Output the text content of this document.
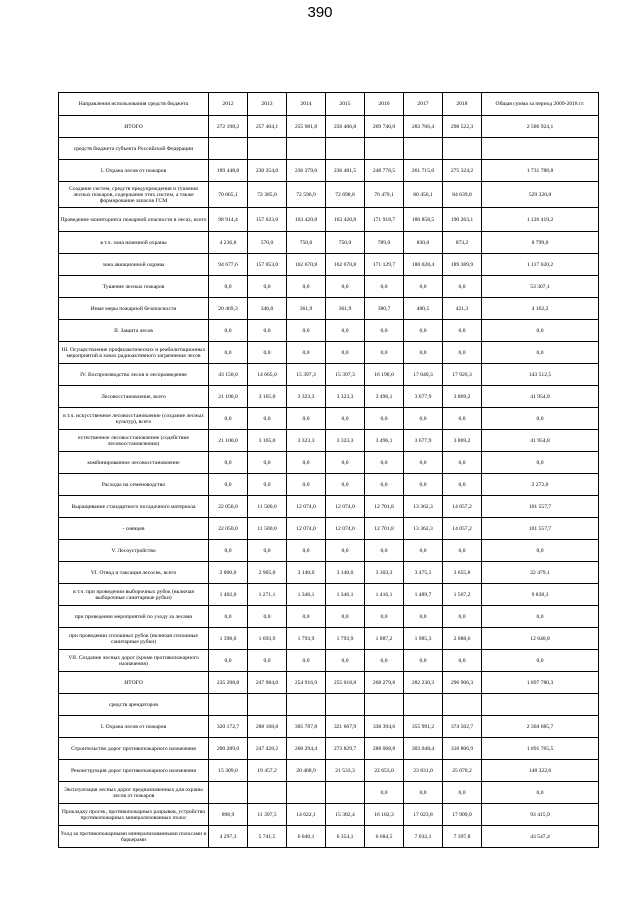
390
Направления использования средств бюджета	2012	2013	2014	2015	2016	2017	2018	Общая сумма за период 2009-2018 гг.
ИТОГО	272 198,2	257 404,1	255 981,8	256 406,8	269 740,0	283 766,4	298 522,3	2 586 924,1
средств бюджета субъекта Российской Федерации								
I. Охрана лесов от пожаров	189 448,8	230 354,0	236 379,6	236 481,5	248 778,5	261 715,0	275 324,2	1 731 788,8
Создание систем, средств предупреждения и тушения лесных пожаров, содержание этих систем, а также формирование запасов ГСМ	70 065,1	72 385,0	72 596,9	72 698,8	76 479,1	80 456,1	84 639,8	529 320,8
Проведение мониторинга пожарной опасности в лесах, всего	98 914,4	157 623,0	163 420,8	163 420,8	171 918,7	180 858,5	190 263,1	1 126 419,2
в т.ч. зона наземной охраны	4 236,8	570,0	750,0	750,0	789,0	830,0	873,2	8 799,0
зона авиационной охраны	94 677,6	157 053,0	162 670,8	162 670,8	171 129,7	180 028,4	189 389,9	1 117 620,2
Тушение лесных пожаров	0,0	0,0	0,0	0,0	0,0	0,0	0,0	53 307,1
Иные меры пожарной безопасности	20 469,3	346,0	361,9	361,9	380,7	400,5	421,3	4 162,2
II. Защита лесов	0,0	0,0	0,0	0,0	0,0	0,0	0,0	0,0
III. Осуществление профилактических и реабилитационных мероприятий в зонах радиоактивного загрязнения лесов	0,0	0,0	0,0	0,0	0,0	0,0	0,0	0,0
IV. Воспроизводство лесов и лесоразведение	43 150,0	14 665,0	15 397,3	15 397,3	16 198,0	17 040,3	17 926,3	143 512,5
Лесовосстановление, всего	21 100,0	3 165,0	3 323,3	3 323,3	3 496,1	3 677,9	3 869,2	41 954,8
в т.ч. искусственное лесовосстановление (создание лесных культур), всего	0,0	0,0	0,0	0,0	0,0	0,0	0,0	0,0
естественное лесовосстановление (содействие лесовосстановлению)	21 100,0	3 165,0	3 323,3	3 323,3	3 496,1	3 677,9	3 869,2	41 954,8
комбинированное лесовосстановление	0,0	0,0	0,0	0,0	0,0	0,0	0,0	0,0
Расходы на семеноводство	0,0	0,0	0,0	0,0	0,0	0,0	0,0	2 272,0
Выращивание стандартного посадочного материала	22 050,0	11 500,0	12 074,0	12 074,0	12 701,8	13 362,3	14 057,2	101 557,7
- сеянцев	22 050,0	11 500,0	12 074,0	12 074,0	12 701,8	13 362,3	14 057,2	101 557,7
V. Лесоустройство	0,0	0,0	0,0	0,0	0,0	0,0	0,0	0,0
VI. Отвод и таксация лесосек, всего	2 800,0	2 965,0	3 140,0	3 140,0	3 303,3	3 475,1	3 655,8	22 479,1
в т.ч. при проведении выборочных рубок (включая выборочные санитарные рубки)	1 402,0	1 271,1	1 346,1	1 346,1	1 416,1	1 489,7	1 567,2	9 838,3
при проведении мероприятий по уходу за лесами	0,0	0,0	0,0	0,0	0,0	0,0	0,0	0,0
при проведении сплошных рубок (включая сплошные санитарные рубки)	1 398,0	1 693,9	1 793,9	1 793,9	1 887,2	1 985,3	2 088,6	12 640,8
VII. Создание лесных дорог (кроме противопожарного назначения)	0,0	0,0	0,0	0,0	0,0	0,0	0,0	0,0
ИТОГО	235 398,8	247 984,0	254 916,9	255 018,8	268 279,8	282 230,3	296 906,3	1 897 780,3
средств арендаторов								
I. Охрана лесов от пожаров	320 172,7	288 168,8	305 787,8	321 667,9	338 394,6	355 991,2	374 502,7	2 304 685,7
Строительство дорог противопожарного назначения	200 289,0	247 428,2	260 294,4	273 829,7	288 068,8	303 048,4	318 806,9	1 891 765,5
Реконструкция дорог противопожарного назначения	15 309,0	19 457,2	20 468,9	21 533,3	22 653,0	23 831,0	25 070,2	148 322,6
Эксплуатация лесных дорог предназначенных для охраны лесов от пожаров					0,0	0,0	0,0	0,0
Прокладку просек, противопожарных разрывов, устройство противопожарных минерализованных полос	898,9	11 397,5	14 622,1	15 382,4	16 182,3	17 023,8	17 909,0	93 415,9
Уход за противопожарными минерализованными полосами и барьерами	4 297,3	5 741,5	6 040,1	6 354,1	6 684,5	7 032,1	7 397,8	43 547,4
